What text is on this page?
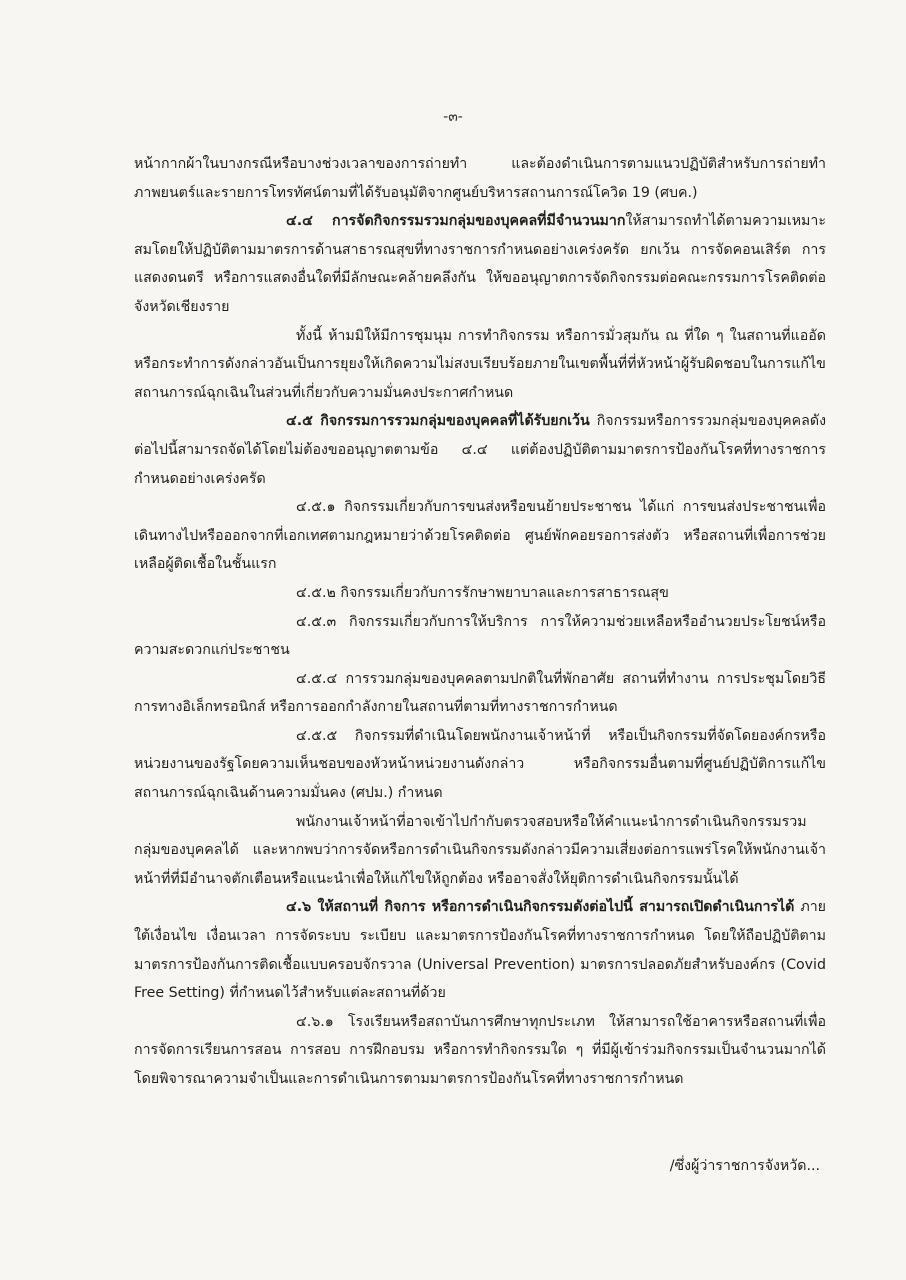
-๓-

หน้ากากผ้าในบางกรณีหรือบางช่วงเวลาของการถ่ายทำ และต้องดำเนินการตามแนวปฏิบัติสำหรับการถ่ายทำภาพยนตร์และรายการโทรทัศน์ตามที่ได้รับอนุมัติจากศูนย์บริหารสถานการณ์โควิด 19 (ศบค.)

๔.๔ การจัดกิจกรรมรวมกลุ่มของบุคคลที่มีจำนวนมากให้สามารถทำได้ตามความเหมาะสมโดยให้ปฏิบัติตามมาตรการด้านสาธารณสุขที่ทางราชการกำหนดอย่างเคร่งครัด ยกเว้น การจัดคอนเสิร์ต การแสดงดนตรี หรือการแสดงอื่นใดที่มีลักษณะคล้ายคลึงกัน ให้ขออนุญาตการจัดกิจกรรมต่อคณะกรรมการโรคติดต่อจังหวัดเชียงราย

ทั้งนี้ ห้ามมิให้มีการชุมนุม การทำกิจกรรม หรือการมั่วสุมกัน ณ ที่ใด ๆ ในสถานที่แออัด หรือกระทำการดังกล่าวอันเป็นการยุยงให้เกิดความไม่สงบเรียบร้อยภายในเขตพื้นที่ที่หัวหน้าผู้รับผิดชอบในการแก้ไขสถานการณ์ฉุกเฉินในส่วนที่เกี่ยวกับความมั่นคงประกาศกำหนด

๔.๕ กิจกรรมการรวมกลุ่มของบุคคลที่ได้รับยกเว้น กิจกรรมหรือการรวมกลุ่มของบุคคลดังต่อไปนี้สามารถจัดได้โดยไม่ต้องขออนุญาตตามข้อ ๔.๔ แต่ต้องปฏิบัติตามมาตรการป้องกันโรคที่ทางราชการกำหนดอย่างเคร่งครัด

๔.๕.๑ กิจกรรมเกี่ยวกับการขนส่งหรือขนย้ายประชาชน ได้แก่ การขนส่งประชาชนเพื่อเดินทางไปหรือออกจากที่เอกเทศตามกฎหมายว่าด้วยโรคติดต่อ ศูนย์พักคอยรอการส่งตัว หรือสถานที่เพื่อการช่วยเหลือผู้ติดเชื้อในชั้นแรก

๔.๕.๒ กิจกรรมเกี่ยวกับการรักษาพยาบาลและการสาธารณสุข

๔.๕.๓ กิจกรรมเกี่ยวกับการให้บริการ การให้ความช่วยเหลือหรืออำนวยประโยชน์หรือความสะดวกแก่ประชาชน

๔.๕.๔ การรวมกลุ่มของบุคคลตามปกติในที่พักอาศัย สถานที่ทำงาน การประชุมโดยวิธีการทางอิเล็กทรอนิกส์ หรือการออกกำลังกายในสถานที่ตามที่ทางราชการกำหนด

๔.๕.๕ กิจกรรมที่ดำเนินโดยพนักงานเจ้าหน้าที่ หรือเป็นกิจกรรมที่จัดโดยองค์กรหรือหน่วยงานของรัฐโดยความเห็นชอบของหัวหน้าหน่วยงานดังกล่าว หรือกิจกรรมอื่นตามที่ศูนย์ปฏิบัติการแก้ไขสถานการณ์ฉุกเฉินด้านความมั่นคง (ศปม.) กำหนด

พนักงานเจ้าหน้าที่อาจเข้าไปกำกับตรวจสอบหรือให้คำแนะนำการดำเนินกิจกรรมรวมกลุ่มของบุคคลได้ และหากพบว่าการจัดหรือการดำเนินกิจกรรมดังกล่าวมีความเสี่ยงต่อการแพร่โรคให้พนักงานเจ้าหน้าที่ที่มีอำนาจตักเตือนหรือแนะนำเพื่อให้แก้ไขให้ถูกต้อง หรืออาจสั่งให้ยุติการดำเนินกิจกรรมนั้นได้

๔.๖ ให้สถานที่ กิจการ หรือการดำเนินกิจกรรมดังต่อไปนี้ สามารถเปิดดำเนินการได้ ภายใต้เงื่อนไข เงื่อนเวลา การจัดระบบ ระเบียบ และมาตรการป้องกันโรคที่ทางราชการกำหนด โดยให้ถือปฏิบัติตามมาตรการป้องกันการติดเชื้อแบบครอบจักรวาล (Universal Prevention) มาตรการปลอดภัยสำหรับองค์กร (Covid Free Setting) ที่กำหนดไว้สำหรับแต่ละสถานที่ด้วย

๔.๖.๑ โรงเรียนหรือสถาบันการศึกษาทุกประเภท ให้สามารถใช้อาคารหรือสถานที่เพื่อการจัดการเรียนการสอน การสอบ การฝึกอบรม หรือการทำกิจกรรมใด ๆ ที่มีผู้เข้าร่วมกิจกรรมเป็นจำนวนมากได้ โดยพิจารณาความจำเป็นและการดำเนินการตามมาตรการป้องกันโรคที่ทางราชการกำหนด

/ซึ่งผู้ว่าราชการจังหวัด...
